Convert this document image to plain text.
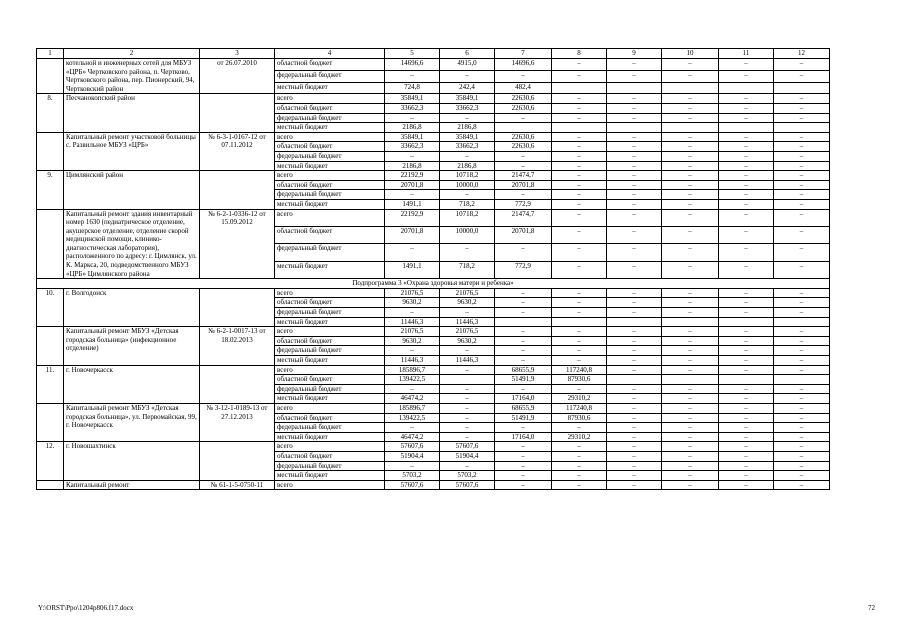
1	2	3	4	5	6	7	8	9	10	11	12
	котельной и инженерных сетей для МБУЗ «ЦРБ» Чертковского района, п. Чертково, Чертковского района, пер. Пионерский, 94, Чертковский район	от 26.07.2010	областной бюджет	14696,6	4915,0	14696,6	–	–	–	–	–
			федеральный бюджет	–	–	–	–	–	–	–	–
			местный бюджет	724,8	242,4	482,4					
8.	Песчанокопский район		всего	35849,1	35849,1	22630,6	–	–	–	–	–
			областной бюджет	33662,3	33662,3	22630,6	–	–	–	–	–
			федеральный бюджет	–	–	–	–	–	–	–	–
			местный бюджет	2186,8	2186,8						
	Капитальный ремонт участковой больницы с. Развильное МБУЗ «ЦРБ»	№ 6-3-1-0167-12 от 07.11.2012	всего	35849,1	35849,1	22630,6	–	–	–	–	–
			областной бюджет	33662,3	33662,3	22630,6	–	–	–	–	–
			федеральный бюджет	–	–	–	–	–	–	–	–
			местный бюджет	2186,8	2186,8	–	–	–	–	–	–
9.	Цимлянский район		всего	22192,9	10718,2	21474,7	–	–	–	–	–
			областной бюджет	20701,8	10000,0	20701,8	–	–	–	–	–
			федеральный бюджет	–	–	–	–	–	–	–	–
			местный бюджет	1491,1	718,2	772,9	–	–	–	–	–
	Капитальный ремонт здания инвентарный номер 1630 (педиатрическое отделение, акушерское отделение, отделение скорой медицинской помощи, клинико-диагностическая лаборатория), расположенного по адресу: г. Цимлянск, ул. К. Маркса, 20, подведомственного МБУЗ «ЦРБ» Цимлянского района	№ 6-2-1-0336-12 от 15.09.2012	всего	22192,9	10718,2	21474,7	–	–	–	–	–
			областной бюджет	20701,8	10000,0	20701,8	–	–	–	–	–
			федеральный бюджет	–	–	–	–	–	–	–	–
			местный бюджет	1491,1	718,2	772,9	–	–	–	–	–
Подпрограмма 3 «Охрана здоровья матери и ребенка»											
10.	г. Волгодонск		всего	21076,5	21076,5	–	–	–	–	–	–
			областной бюджет	9630,2	9630,2	–	–	–	–	–	–
			федеральный бюджет	–	–	–	–	–	–	–	–
			местный бюджет	11446,3	11446,3						
	Капитальный ремонт МБУЗ «Детская городская больница» (инфекционное отделение)	№ 6-2-1-0017-13 от 18.02.2013	всего	21076,5	21076,5	–	–	–	–	–	–
			областной бюджет	9630,2	9630,2	–	–	–	–	–	–
			федеральный бюджет	–	–	–	–	–	–	–	–
			местный бюджет	11446,3	11446,3	–	–	–	–	–	–
11.	г. Новочеркасск		всего	185896,7	–	68655,9	117240,8	–	–	–	–
			областной бюджет	139422,5		51491,9	87930,6				
			федеральный бюджет	–	–	–	–	–	–	–	–
			местный бюджет	46474,2	–	17164,0	29310,2	–	–	–	–
	Капитальный ремонт МБУЗ «Детская городская больница», ул. Первомайская, 99, г. Новочеркасск	№ 3-12-1-0189-13 от 27.12.2013	всего	185896,7	–	68655,9	117240,8	–	–	–	–
			областной бюджет	139422,5	–	51491,9	87930,6	–	–	–	–
			федеральный бюджет	–	–	–	–	–	–	–	–
			местный бюджет	46474,2	–	17164,0	29310,2	–	–	–	–
12.	г. Новошахтинск		всего	57607,6	57607,6	–	–	–	–	–	–
			областной бюджет	51904,4	51904,4	–	–	–	–	–	–
			федеральный бюджет	–	–	–	–	–	–	–	–
			местный бюджет	5703,2	5703,2	–	–	–	–	–	–
	Капитальный ремонт	№ 61-1-5-0750-11	всего	57607,6	57607,6	–	–	–	–	–	–
Y:\ORST\Ppo\1204p806.f17.docx	72
